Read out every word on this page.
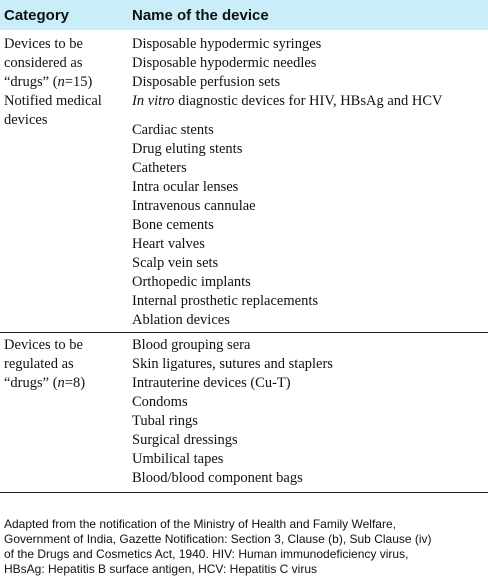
Category	Name of the device
Devices to be
considered as
“drugs” (n=15)
Notified medical
devices
Disposable hypodermic syringes
Disposable hypodermic needles
Disposable perfusion sets
In vitro diagnostic devices for HIV, HBsAg and HCV
Cardiac stents
Drug eluting stents
Catheters
Intra ocular lenses
Intravenous cannulae
Bone cements
Heart valves
Scalp vein sets
Orthopedic implants
Internal prosthetic replacements
Ablation devices
Devices to be
regulated as
“drugs” (n=8)
Blood grouping sera
Skin ligatures, sutures and staplers
Intrauterine devices (Cu-T)
Condoms
Tubal rings
Surgical dressings
Umbilical tapes
Blood/blood component bags
Adapted from the notification of the Ministry of Health and Family Welfare,
Government of India, Gazette Notification: Section 3, Clause (b), Sub Clause (iv)
of the Drugs and Cosmetics Act, 1940. HIV: Human immunodeficiency virus,
HBsAg: Hepatitis B surface antigen, HCV: Hepatitis C virus
